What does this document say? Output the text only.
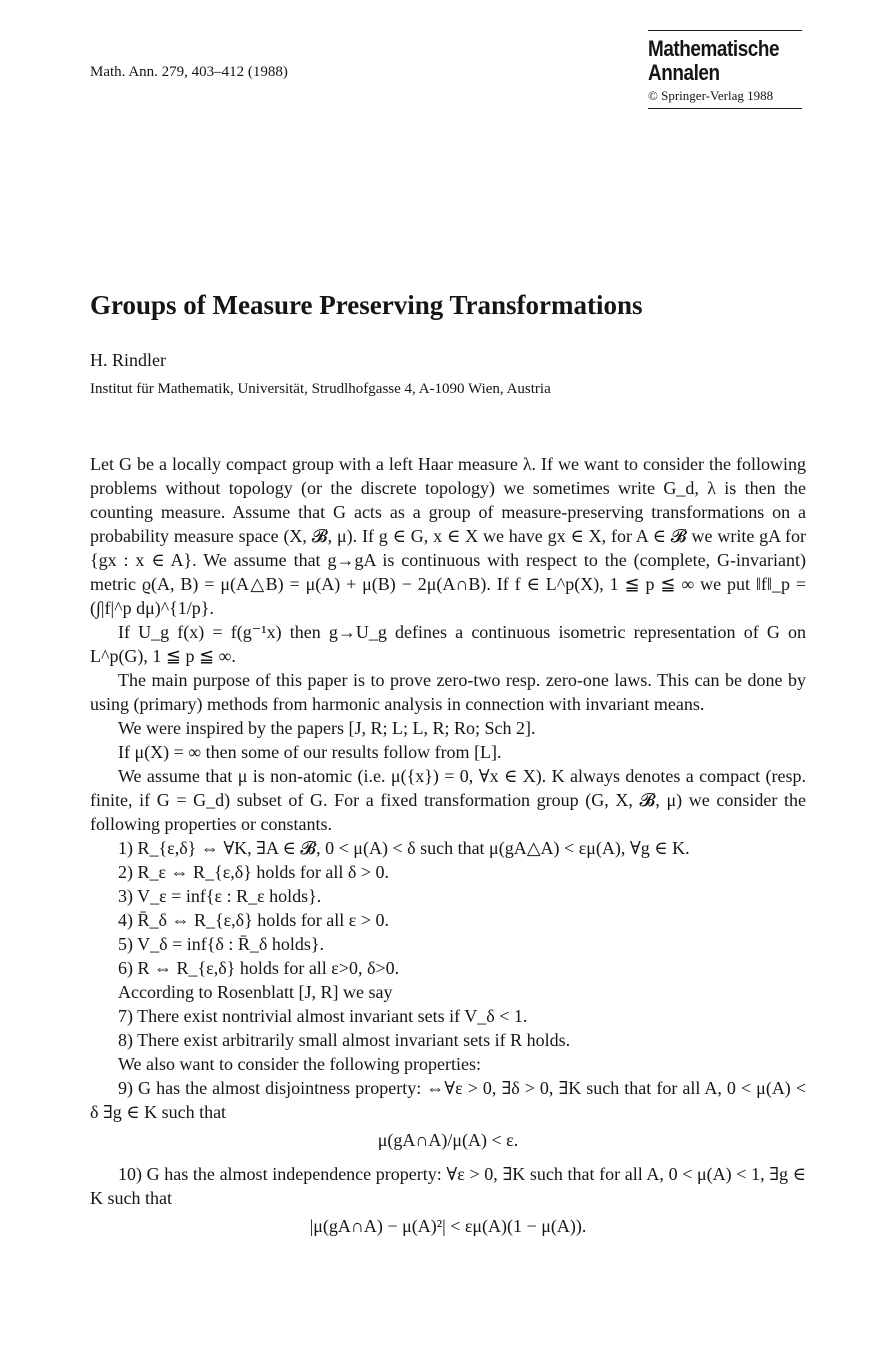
Math. Ann. 279, 403–412 (1988)
Mathematische
Annalen
© Springer-Verlag 1988
Groups of Measure Preserving Transformations
H. Rindler
Institut für Mathematik, Universität, Strudlhofgasse 4, A-1090 Wien, Austria

Let G be a locally compact group with a left Haar measure λ. If we want to consider the following problems without topology (or the discrete topology) we sometimes write G_d, λ is then the counting measure. Assume that G acts as a group of measure-preserving transformations on a probability measure space (X, 𝓑, μ). If g ∈ G, x ∈ X we have gx ∈ X, for A ∈ 𝓑 we write gA for {gx : x ∈ A}. We assume that g→gA is continuous with respect to the (complete, G-invariant) metric ϱ(A, B) = μ(A△B) = μ(A) + μ(B) − 2μ(A∩B). If f ∈ L^p(X), 1 ≦ p ≦ ∞ we put ‖f‖_p = (∫|f|^p dμ)^{1/p}.

If U_g f(x) = f(g⁻¹x) then g→U_g defines a continuous isometric representation of G on L^p(G), 1 ≦ p ≦ ∞.

The main purpose of this paper is to prove zero-two resp. zero-one laws. This can be done by using (primary) methods from harmonic analysis in connection with invariant means.

We were inspired by the papers [J, R; L; L, R; Ro; Sch 2].

If μ(X) = ∞ then some of our results follow from [L].

We assume that μ is non-atomic (i.e. μ({x}) = 0, ∀x ∈ X). K always denotes a compact (resp. finite, if G = G_d) subset of G. For a fixed transformation group (G, X, 𝓑, μ) we consider the following properties or constants.

1) R_{ε,δ} ⇔ ∀K, ∃A ∈ 𝓑, 0 < μ(A) < δ such that μ(gA△A) < εμ(A), ∀g ∈ K.

2) R_ε ⇔ R_{ε,δ} holds for all δ > 0.

3) V_ε = inf{ε : R_ε holds}.

4) R̄_δ ⇔ R_{ε,δ} holds for all ε > 0.

5) V_δ = inf{δ : R̄_δ holds}.

6) R ⇔ R_{ε,δ} holds for all ε>0, δ>0.

According to Rosenblatt [J, R] we say

7) There exist nontrivial almost invariant sets if V_δ < 1.

8) There exist arbitrarily small almost invariant sets if R holds.

We also want to consider the following properties:

9) G has the almost disjointness property: ⇔∀ε > 0, ∃δ > 0, ∃K such that for all A, 0 < μ(A) < δ ∃g ∈ K such that

μ(gA∩A)/μ(A) < ε.

10) G has the almost independence property: ∀ε > 0, ∃K such that for all A, 0 < μ(A) < 1, ∃g ∈ K such that

|μ(gA∩A) − μ(A)²| < εμ(A)(1 − μ(A)).
